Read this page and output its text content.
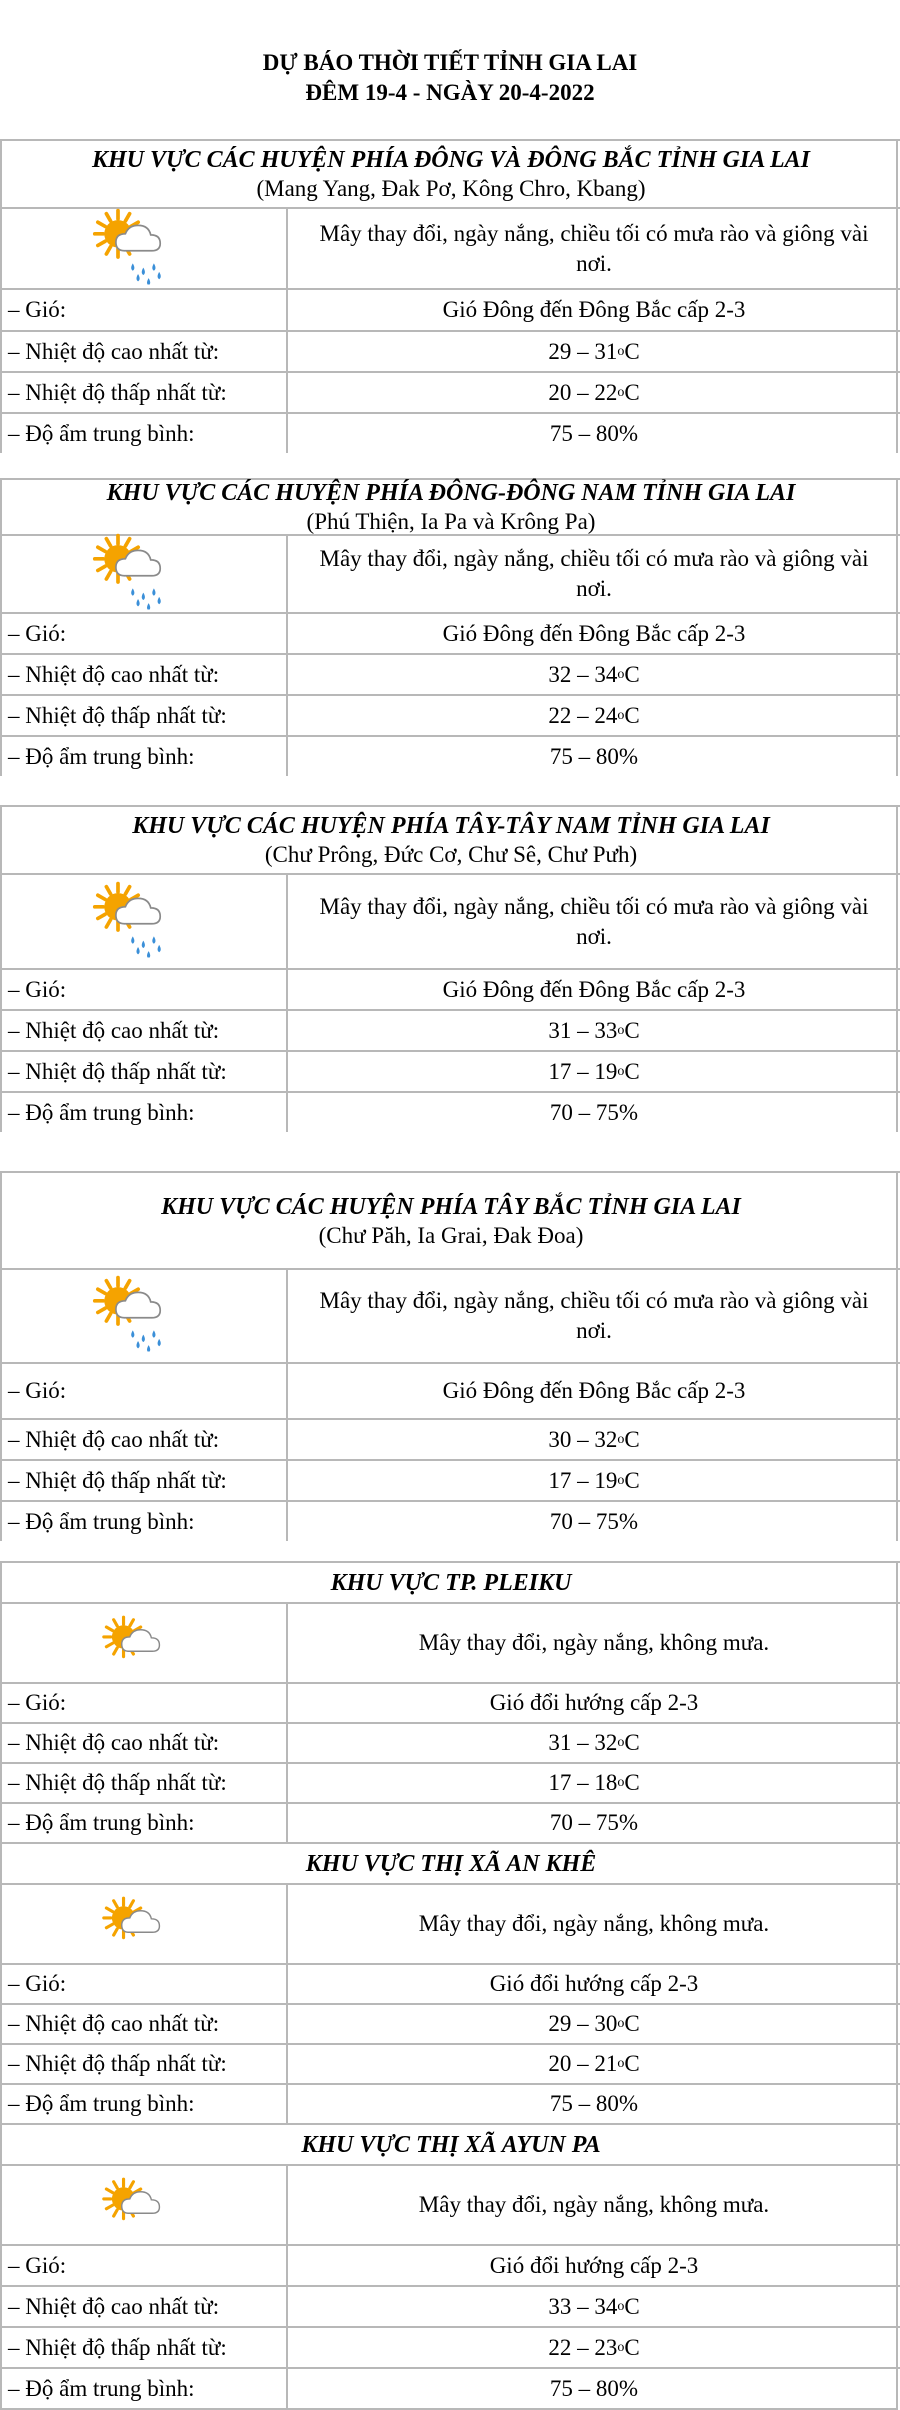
DỰ BÁO THỜI TIẾT TỈNH GIA LAI
ĐÊM 19-4 - NGÀY 20-4-2022
KHU VỰC CÁC HUYỆN PHÍA ĐÔNG VÀ ĐÔNG BẮC TỈNH GIA LAI
(Mang Yang, Đak Pơ, Kông Chro, Kbang)
Mây thay đổi, ngày nắng, chiều tối có mưa rào và giông vài nơi.
– Gió:	Gió Đông đến Đông Bắc cấp 2-3
– Nhiệt độ cao nhất từ:	29 – 31 o C
– Nhiệt độ thấp nhất từ:	20 – 22 o C
– Độ ẩm trung bình:	75 – 80%
KHU VỰC CÁC HUYỆN PHÍA ĐÔNG-ĐÔNG NAM TỈNH GIA LAI
(Phú Thiện, Ia Pa và Krông Pa)
Mây thay đổi, ngày nắng, chiều tối có mưa rào và giông vài nơi.
– Gió:	Gió Đông đến Đông Bắc cấp 2-3
– Nhiệt độ cao nhất từ:	32 – 34 o C
– Nhiệt độ thấp nhất từ:	22 – 24 o C
– Độ ẩm trung bình:	75 – 80%
KHU VỰC CÁC HUYỆN PHÍA TÂY-TÂY NAM TỈNH GIA LAI
(Chư Prông, Đức Cơ, Chư Sê, Chư Pưh)
Mây thay đổi, ngày nắng, chiều tối có mưa rào và giông vài nơi.
– Gió:	Gió Đông đến Đông Bắc cấp 2-3
– Nhiệt độ cao nhất từ:	31 – 33 o C
– Nhiệt độ thấp nhất từ:	17 – 19 o C
– Độ ẩm trung bình:	70 – 75%
KHU VỰC CÁC HUYỆN PHÍA TÂY BẮC TỈNH GIA LAI
(Chư Păh, Ia Grai, Đak Đoa)
Mây thay đổi, ngày nắng, chiều tối có mưa rào và giông vài nơi.
– Gió:	Gió Đông đến Đông Bắc cấp 2-3
– Nhiệt độ cao nhất từ:	30 – 32 o C
– Nhiệt độ thấp nhất từ:	17 – 19 o C
– Độ ẩm trung bình:	70 – 75%
KHU VỰC TP. PLEIKU
Mây thay đổi, ngày nắng, không mưa.
– Gió:	Gió đổi hướng cấp 2-3
– Nhiệt độ cao nhất từ:	31 – 32 o C
– Nhiệt độ thấp nhất từ:	17 – 18 o C
– Độ ẩm trung bình:	70 – 75%
KHU VỰC THỊ XÃ AN KHÊ
Mây thay đổi, ngày nắng, không mưa.
– Gió:	Gió đổi hướng cấp 2-3
– Nhiệt độ cao nhất từ:	29 – 30 o C
– Nhiệt độ thấp nhất từ:	20 – 21 o C
– Độ ẩm trung bình:	75 – 80%
KHU VỰC THỊ XÃ AYUN PA
Mây thay đổi, ngày nắng, không mưa.
– Gió:	Gió đổi hướng cấp 2-3
– Nhiệt độ cao nhất từ:	33 – 34 o C
– Nhiệt độ thấp nhất từ:	22 – 23 o C
– Độ ẩm trung bình:	75 – 80%
